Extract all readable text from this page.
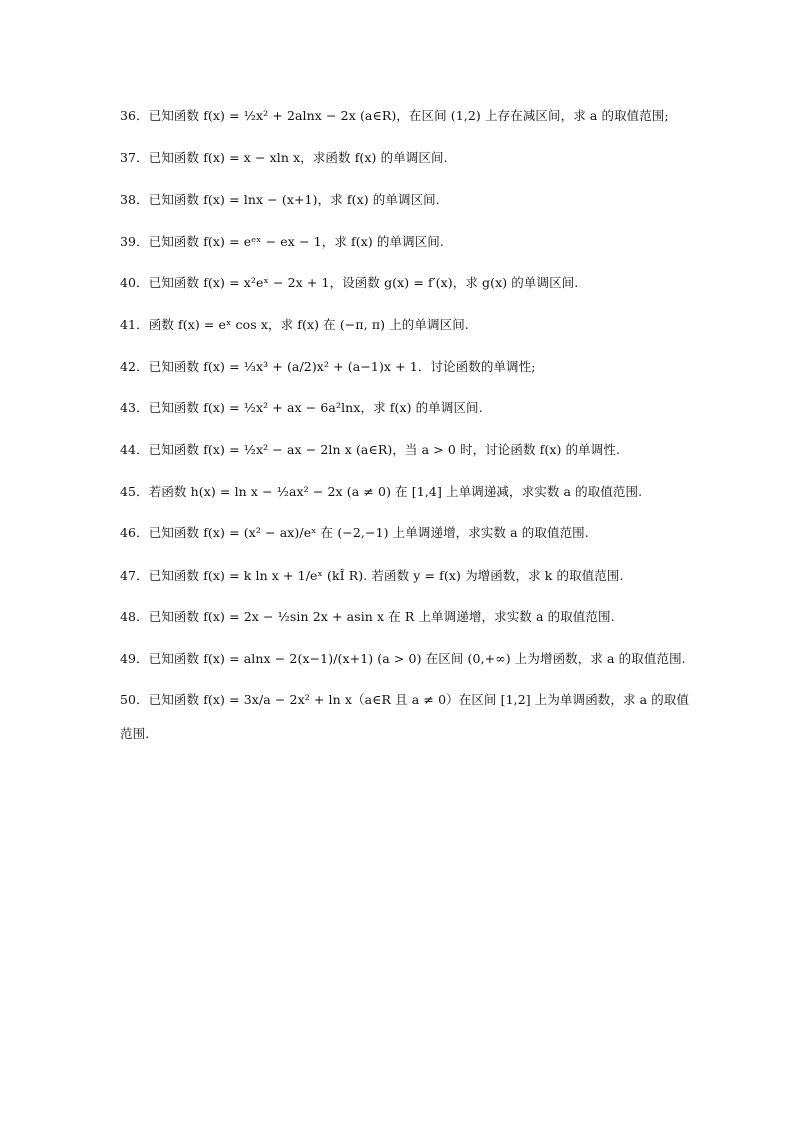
36．已知函数 f(x) = ½x² + 2alnx − 2x (a∈R)，在区间 (1,2) 上存在减区间，求 a 的取值范围;
37．已知函数 f(x) = x − xln x，求函数 f(x) 的单调区间.
38．已知函数 f(x) = lnx − (x+1)，求 f(x) 的单调区间.
39．已知函数 f(x) = eᵉˣ − ex − 1，求 f(x) 的单调区间.
40．已知函数 f(x) = x²eˣ − 2x + 1，设函数 g(x) = f′(x)，求 g(x) 的单调区间.
41．函数 f(x) = eˣ cos x，求 f(x) 在 (−π, π) 上的单调区间.
42．已知函数 f(x) = ⅓x³ + (a/2)x² + (a−1)x + 1．讨论函数的单调性;
43．已知函数 f(x) = ½x² + ax − 6a²lnx，求 f(x) 的单调区间.
44．已知函数 f(x) = ½x² − ax − 2ln x (a∈R)，当 a > 0 时，讨论函数 f(x) 的单调性.
45．若函数 h(x) = ln x − ½ax² − 2x (a ≠ 0) 在 [1,4] 上单调递减，求实数 a 的取值范围.
46．已知函数 f(x) = (x² − ax)/eˣ 在 (−2,−1) 上单调递增，求实数 a 的取值范围.
47．已知函数 f(x) = k ln x + 1/eˣ (kÎ R). 若函数 y = f(x) 为增函数，求 k 的取值范围.
48．已知函数 f(x) = 2x − ½sin 2x + asin x 在 R 上单调递增，求实数 a 的取值范围.
49．已知函数 f(x) = alnx − 2(x−1)/(x+1) (a > 0) 在区间 (0,+∞) 上为增函数，求 a 的取值范围.
50．已知函数 f(x) = 3x/a − 2x² + ln x（a∈R 且 a ≠ 0）在区间 [1,2] 上为单调函数，求 a 的取值
范围.
